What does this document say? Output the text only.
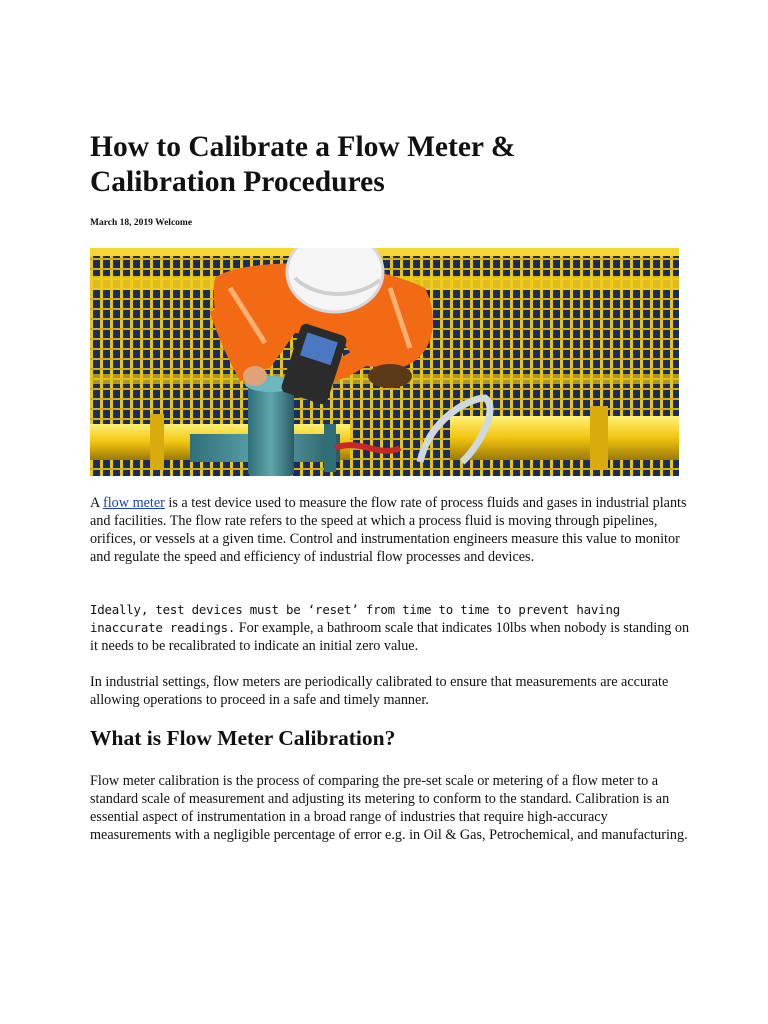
How to Calibrate a Flow Meter &
Calibration Procedures

March 18, 2019 Welcome

A flow meter is a test device used to measure the flow rate of process fluids and gases in industrial plants and facilities. The flow rate refers to the speed at which a process fluid is moving through pipelines, orifices, or vessels at a given time. Control and instrumentation engineers measure this value to monitor and regulate the speed and efficiency of industrial flow processes and devices.

Ideally, test devices must be ‘reset’ from time to time to prevent having inaccurate readings. For example, a bathroom scale that indicates 10lbs when nobody is standing on it needs to be recalibrated to indicate an initial zero value.

In industrial settings, flow meters are periodically calibrated to ensure that measurements are accurate allowing operations to proceed in a safe and timely manner.

What is Flow Meter Calibration?

Flow meter calibration is the process of comparing the pre-set scale or metering of a flow meter to a standard scale of measurement and adjusting its metering to conform to the standard. Calibration is an essential aspect of instrumentation in a broad range of industries that require high-accuracy measurements with a negligible percentage of error e.g. in Oil & Gas, Petrochemical, and manufacturing.
